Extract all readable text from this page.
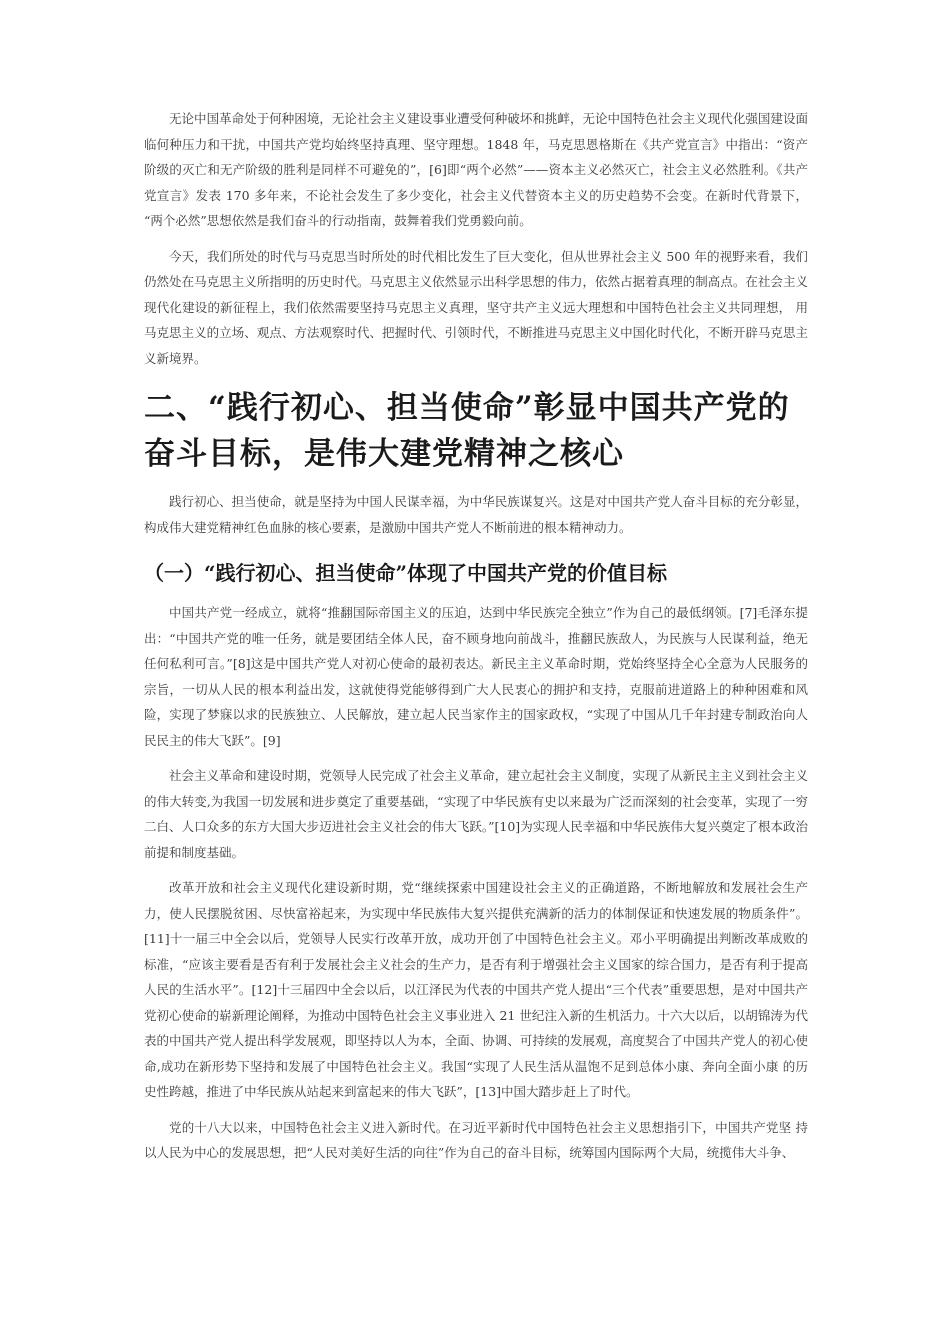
无论中国革命处于何种困境，无论社会主义建设事业遭受何种破坏和挑衅，无论中国特色社会主义现代化强国建设面临何种压力和干扰，中国共产党均始终坚持真理、坚守理想。1848 年，马克思恩格斯在《共产党宣言》中指出：“资产阶级的灭亡和无产阶级的胜利是同样不可避免的”，[6]即“两个必然”——资本主义必然灭亡，社会主义必然胜利。《共产党宣言》发表 170 多年来，不论社会发生了多少变化，社会主义代替资本主义的历史趋势不会变。在新时代背景下， “两个必然”思想依然是我们奋斗的行动指南，鼓舞着我们党勇毅向前。

今天，我们所处的时代与马克思当时所处的时代相比发生了巨大变化，但从世界社会主义 500 年的视野来看，我们仍然处在马克思主义所指明的历史时代。马克思主义依然显示出科学思想的伟力，依然占据着真理的制高点。在社会主义现代化建设的新征程上，我们依然需要坚持马克思主义真理，坚守共产主义远大理想和中国特色社会主义共同理想， 用马克思主义的立场、观点、方法观察时代、把握时代、引领时代，不断推进马克思主义中国化时代化，不断开辟马克思主义新境界。

二、“践行初心、担当使命”彰显中国共产党的奋斗目标，是伟大建党精神之核心

践行初心、担当使命，就是坚持为中国人民谋幸福，为中华民族谋复兴。这是对中国共产党人奋斗目标的充分彰显，构成伟大建党精神红色血脉的核心要素，是激励中国共产党人不断前进的根本精神动力。

（一）“践行初心、担当使命”体现了中国共产党的价值目标

中国共产党一经成立，就将“推翻国际帝国主义的压迫，达到中华民族完全独立”作为自己的最低纲领。[7]毛泽东提出：“中国共产党的唯一任务，就是要团结全体人民，奋不顾身地向前战斗，推翻民族敌人，为民族与人民谋利益，绝无任何私利可言。”[8]这是中国共产党人对初心使命的最初表达。新民主主义革命时期，党始终坚持全心全意为人民服务的宗旨，一切从人民的根本利益出发，这就使得党能够得到广大人民衷心的拥护和支持，克服前进道路上的种种困难和风险，实现了梦寐以求的民族独立、人民解放，建立起人民当家作主的国家政权，“实现了中国从几千年封建专制政治向人民民主的伟大飞跃”。[9]

社会主义革命和建设时期，党领导人民完成了社会主义革命，建立起社会主义制度，实现了从新民主主义到社会主义的伟大转变,为我国一切发展和进步奠定了重要基础，“实现了中华民族有史以来最为广泛而深刻的社会变革，实现了一穷二白、人口众多的东方大国大步迈进社会主义社会的伟大飞跃。”[10]为实现人民幸福和中华民族伟大复兴奠定了根本政治前提和制度基础。

改革开放和社会主义现代化建设新时期，党“继续探索中国建设社会主义的正确道路，不断地解放和发展社会生产力，使人民摆脱贫困、尽快富裕起来，为实现中华民族伟大复兴提供充满新的活力的体制保证和快速发展的物质条件”。[11]十一届三中全会以后，党领导人民实行改革开放，成功开创了中国特色社会主义。邓小平明确提出判断改革成败的 标准，“应该主要看是否有利于发展社会主义社会的生产力，是否有利于增强社会主义国家的综合国力，是否有利于提高人民的生活水平”。[12]十三届四中全会以后，以江泽民为代表的中国共产党人提出“三个代表”重要思想，是对中国共产党初心使命的崭新理论阐释，为推动中国特色社会主义事业进入 21 世纪注入新的生机活力。十六大以后，以胡锦涛为代表的中国共产党人提出科学发展观，即坚持以人为本，全面、协调、可持续的发展观，高度契合了中国共产党人的初心使命,成功在新形势下坚持和发展了中国特色社会主义。我国“实现了人民生活从温饱不足到总体小康、奔向全面小康 的历史性跨越，推进了中华民族从站起来到富起来的伟大飞跃”，[13]中国大踏步赶上了时代。

党的十八大以来，中国特色社会主义进入新时代。在习近平新时代中国特色社会主义思想指引下，中国共产党坚 持以人民为中心的发展思想，把“人民对美好生活的向往”作为自己的奋斗目标，统筹国内国际两个大局，统揽伟大斗争、
